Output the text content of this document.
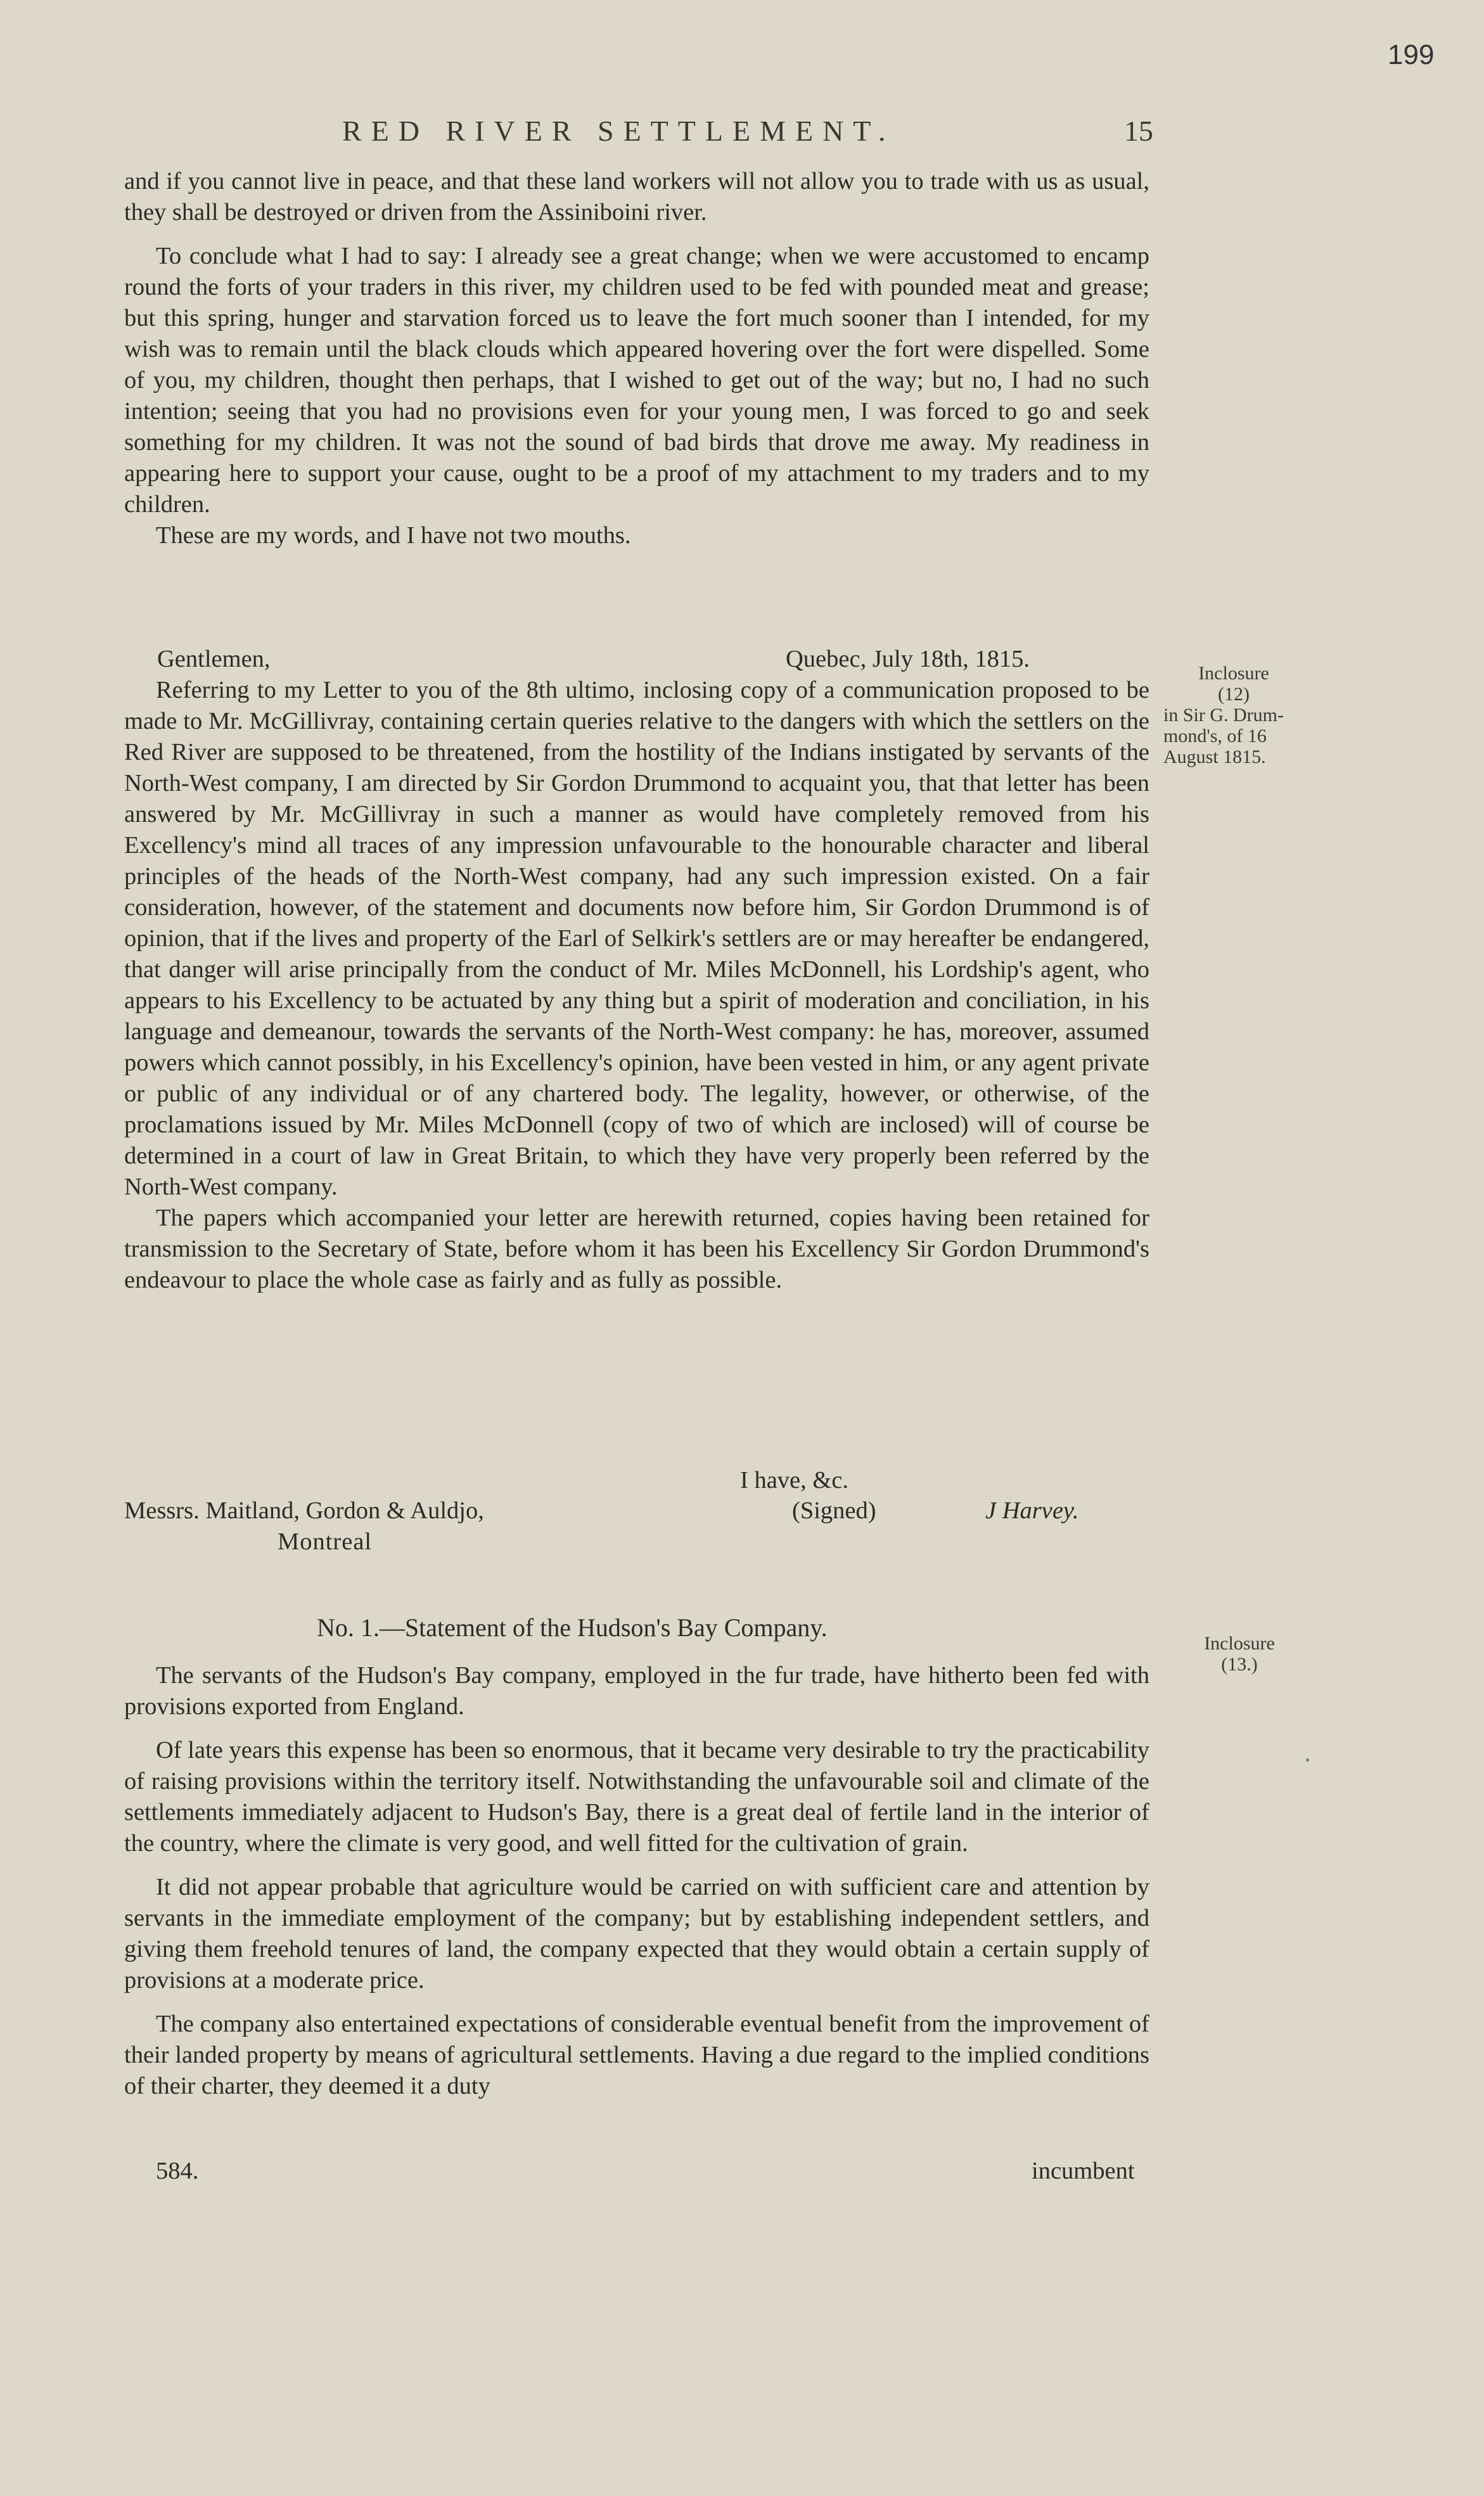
199
RED RIVER SETTLEMENT.	15

and if you cannot live in peace, and that these land workers will not allow you to trade with us as usual, they shall be destroyed or driven from the Assiniboini river.

To conclude what I had to say: I already see a great change; when we were accustomed to encamp round the forts of your traders in this river, my children used to be fed with pounded meat and grease; but this spring, hunger and starvation forced us to leave the fort much sooner than I intended, for my wish was to remain until the black clouds which appeared hovering over the fort were dispelled. Some of you, my children, thought then perhaps, that I wished to get out of the way; but no, I had no such intention; seeing that you had no provisions even for your young men, I was forced to go and seek something for my children. It was not the sound of bad birds that drove me away. My readiness in appearing here to support your cause, ought to be a proof of my attachment to my traders and to my children.

These are my words, and I have not two mouths.

Gentlemen,	Quebec, July 18th, 1815.

Referring to my Letter to you of the 8th ultimo, inclosing copy of a communication proposed to be made to Mr. McGillivray, containing certain queries relative to the dangers with which the settlers on the Red River are supposed to be threatened, from the hostility of the Indians instigated by servants of the North-West company, I am directed by Sir Gordon Drummond to acquaint you, that that letter has been answered by Mr. McGillivray in such a manner as would have completely removed from his Excellency's mind all traces of any impression unfavourable to the honourable character and liberal principles of the heads of the North-West company, had any such impression existed. On a fair consideration, however, of the statement and documents now before him, Sir Gordon Drummond is of opinion, that if the lives and property of the Earl of Selkirk's settlers are or may hereafter be endangered, that danger will arise principally from the conduct of Mr. Miles McDonnell, his Lordship's agent, who appears to his Excellency to be actuated by any thing but a spirit of moderation and conciliation, in his language and demeanour, towards the servants of the North-West company: he has, moreover, assumed powers which cannot possibly, in his Excellency's opinion, have been vested in him, or any agent private or public of any individual or of any chartered body. The legality, however, or otherwise, of the proclamations issued by Mr. Miles McDonnell (copy of two of which are inclosed) will of course be determined in a court of law in Great Britain, to which they have very properly been referred by the North-West company.

The papers which accompanied your letter are herewith returned, copies having been retained for transmission to the Secretary of State, before whom it has been his Excellency Sir Gordon Drummond's endeavour to place the whole case as fairly and as fully as possible.

I have, &c.
Messrs. Maitland, Gordon & Auldjo,	(Signed)	J Harvey.
Montreal
Inclosure
(12)
in Sir G. Drum-
mond's, of 16
August 1815.
No. 1.—Statement of the Hudson's Bay Company.

The servants of the Hudson's Bay company, employed in the fur trade, have hitherto been fed with provisions exported from England.

Of late years this expense has been so enormous, that it became very desirable to try the practicability of raising provisions within the territory itself. Notwithstanding the unfavourable soil and climate of the settlements immediately adjacent to Hudson's Bay, there is a great deal of fertile land in the interior of the country, where the climate is very good, and well fitted for the cultivation of grain.

It did not appear probable that agriculture would be carried on with sufficient care and attention by servants in the immediate employment of the company; but by establishing independent settlers, and giving them freehold tenures of land, the company expected that they would obtain a certain supply of provisions at a moderate price.

The company also entertained expectations of considerable eventual benefit from the improvement of their landed property by means of agricultural settlements. Having a due regard to the implied conditions of their charter, they deemed it a duty

Inclosure
(13.)
584.	incumbent
